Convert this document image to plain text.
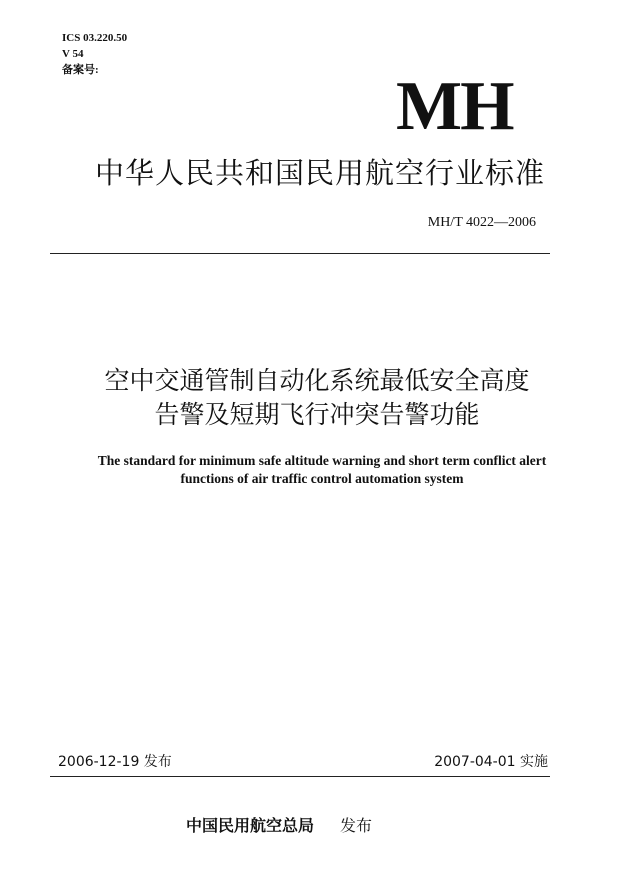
ICS 03.220.50
V 54
备案号:	MH
中华人民共和国民用航空行业标准
MH/T 4022—2006
空中交通管制自动化系统最低安全高度
告警及短期飞行冲突告警功能
The standard for minimum safe altitude warning and short term conflict alert
functions of air traffic control automation system
2006-12-19 发布	2007-04-01 实施
中国民用航空总局 发布
